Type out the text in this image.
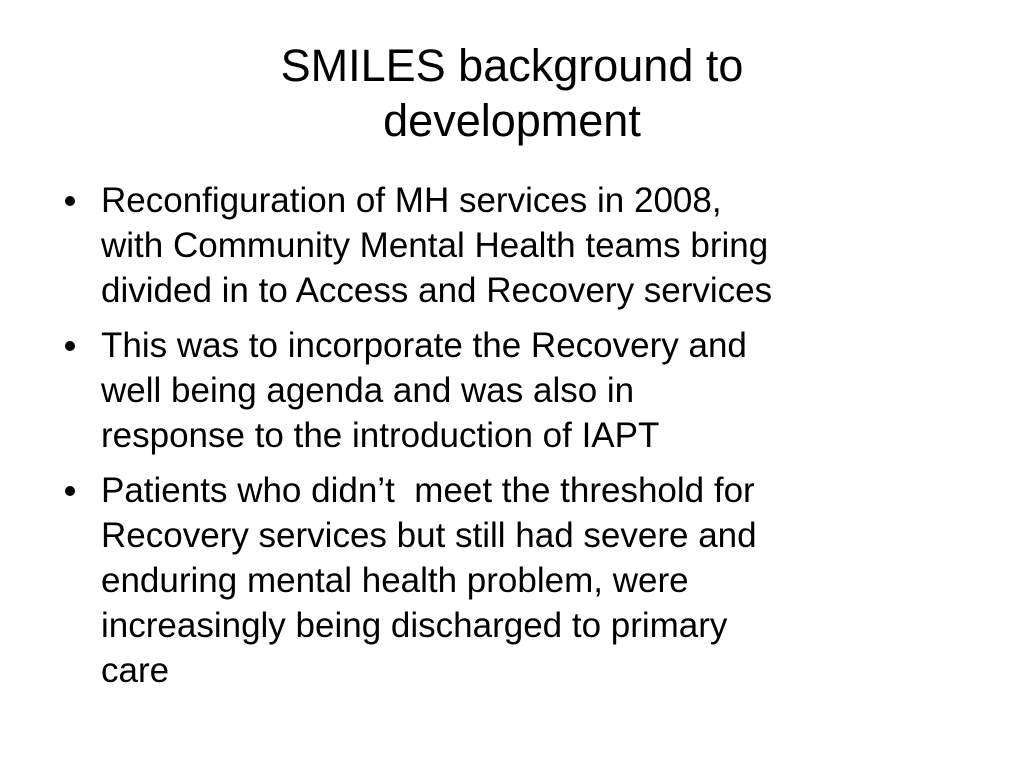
SMILES background to
development
Reconfiguration of MH services in 2008,
with Community Mental Health teams bring
divided in to Access and Recovery services
This was to incorporate the Recovery and
well being agenda and was also in
response to the introduction of IAPT
Patients who didn’t  meet the threshold for
Recovery services but still had severe and
enduring mental health problem, were
increasingly being discharged to primary
care
